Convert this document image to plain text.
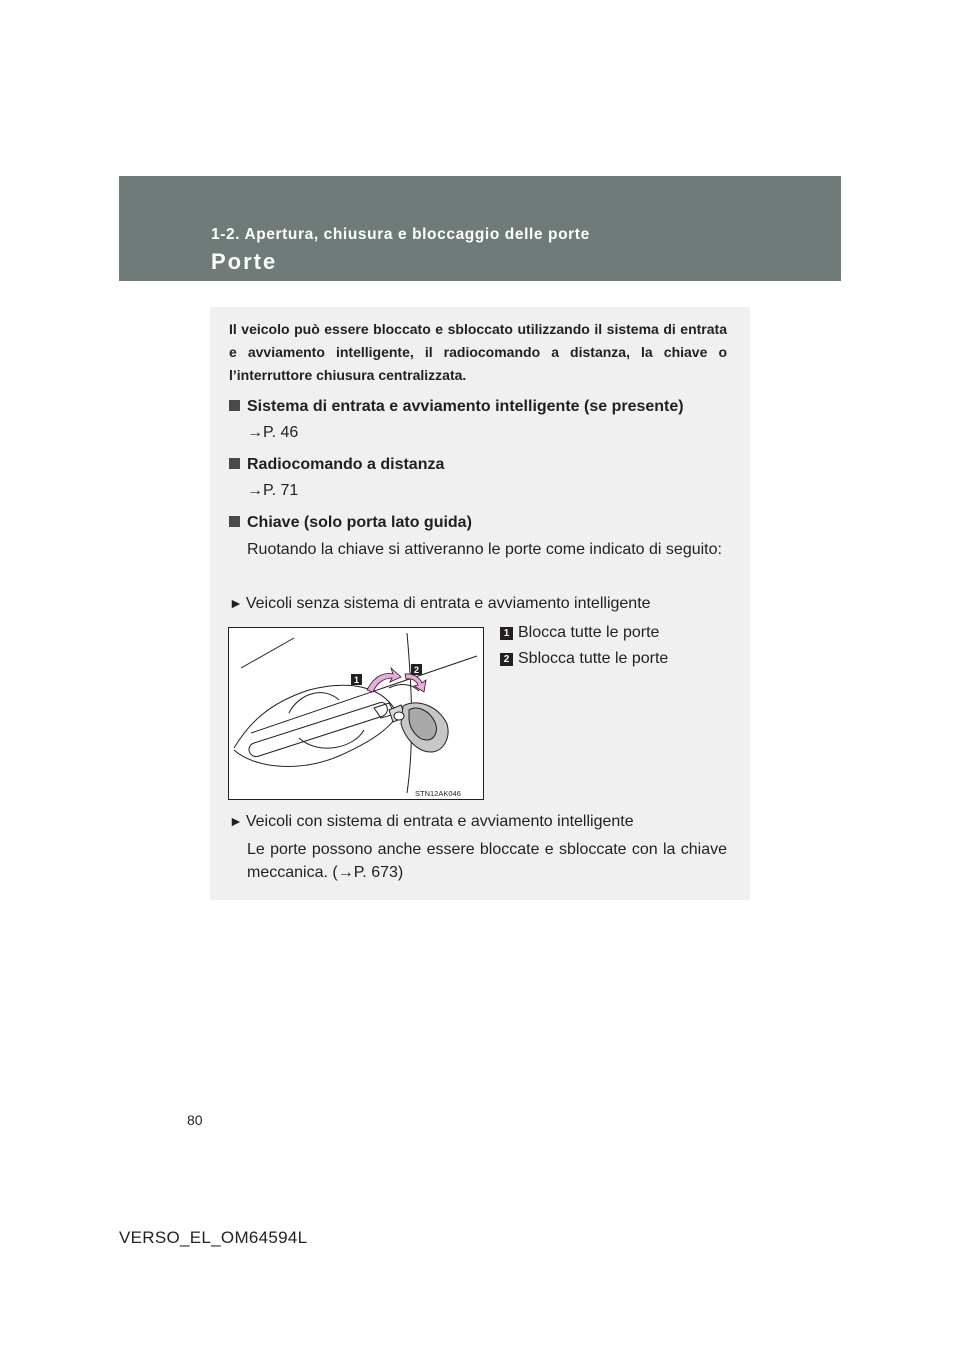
1-2. Apertura, chiusura e bloccaggio delle porte
Porte
Il veicolo può essere bloccato e sbloccato utilizzando il sistema di entrata e avviamento intelligente, il radiocomando a distanza, la chiave o l’interruttore chiusura centralizzata.
Sistema di entrata e avviamento intelligente (se presente)
→P. 46
Radiocomando a distanza
→P. 71
Chiave (solo porta lato guida)
Ruotando la chiave si attiveranno le porte come indicato di seguito:
► Veicoli senza sistema di entrata e avviamento intelligente
1
2
STN12AK046
1 Blocca tutte le porte
2 Sblocca tutte le porte
► Veicoli con sistema di entrata e avviamento intelligente
Le porte possono anche essere bloccate e sbloccate con la chiave meccanica. (→P. 673)
80
VERSO_EL_OM64594L
